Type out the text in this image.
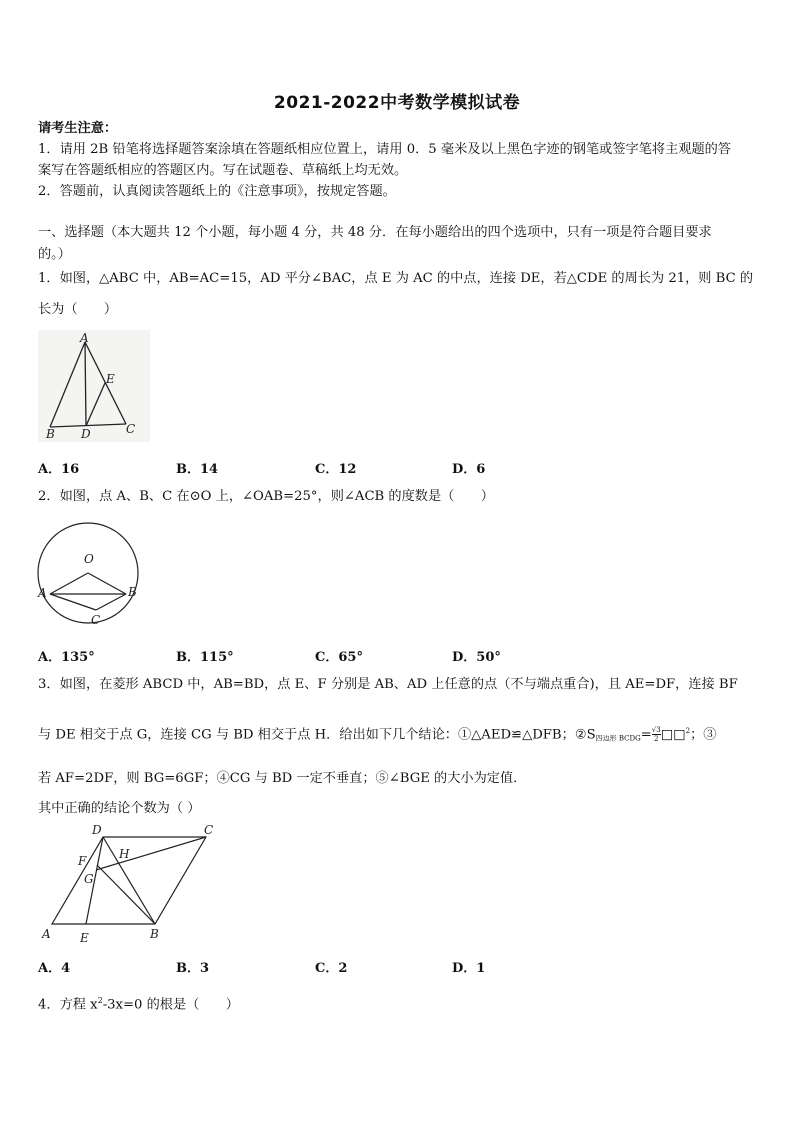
2021-2022中考数学模拟试卷
请考生注意：
1．请用 2B 铅笔将选择题答案涂填在答题纸相应位置上，请用 0．5 毫米及以上黑色字迹的钢笔或签字笔将主观题的答
案写在答题纸相应的答题区内。写在试题卷、草稿纸上均无效。
2．答题前，认真阅读答题纸上的《注意事项》，按规定答题。
一、选择题（本大题共 12 个小题，每小题 4 分，共 48 分．在每小题给出的四个选项中，只有一项是符合题目要求
的。）
1．如图，△ABC 中，AB=AC=15，AD 平分∠BAC，点 E 为 AC 的中点，连接 DE，若△CDE 的周长为 21，则 BC 的
长为（　　）
A
E
B D	C
A．16	B．14	C．12	D．6
2．如图，点 A、B、C 在⊙O 上，∠OAB=25°，则∠ACB 的度数是（　　）
O
A	B
C
A．135°	B．115°	C．65°	D．50°
3．如图，在菱形 ABCD 中，AB=BD，点 E、F 分别是 AB、AD 上任意的点（不与端点重合)，且 AE=DF，连接 BF
与 DE 相交于点 G，连接 CG 与 BD 相交于点 H．给出如下几个结论：①△AED≌△DFB；$②S_{四边形 BCDG}= \frac{√3}{2}$ □□$^2$；③
若 AF=2DF，则 BG=6GF；④CG 与 BD 一定不垂直；⑤∠BGE 的大小为定值．
其中正确的结论个数为（ ）
D	C
H
F
G
A E	B
A．4	B．3	C．2	D．1
4．方程 $x^2-3x=0$ 的根是（　　）
